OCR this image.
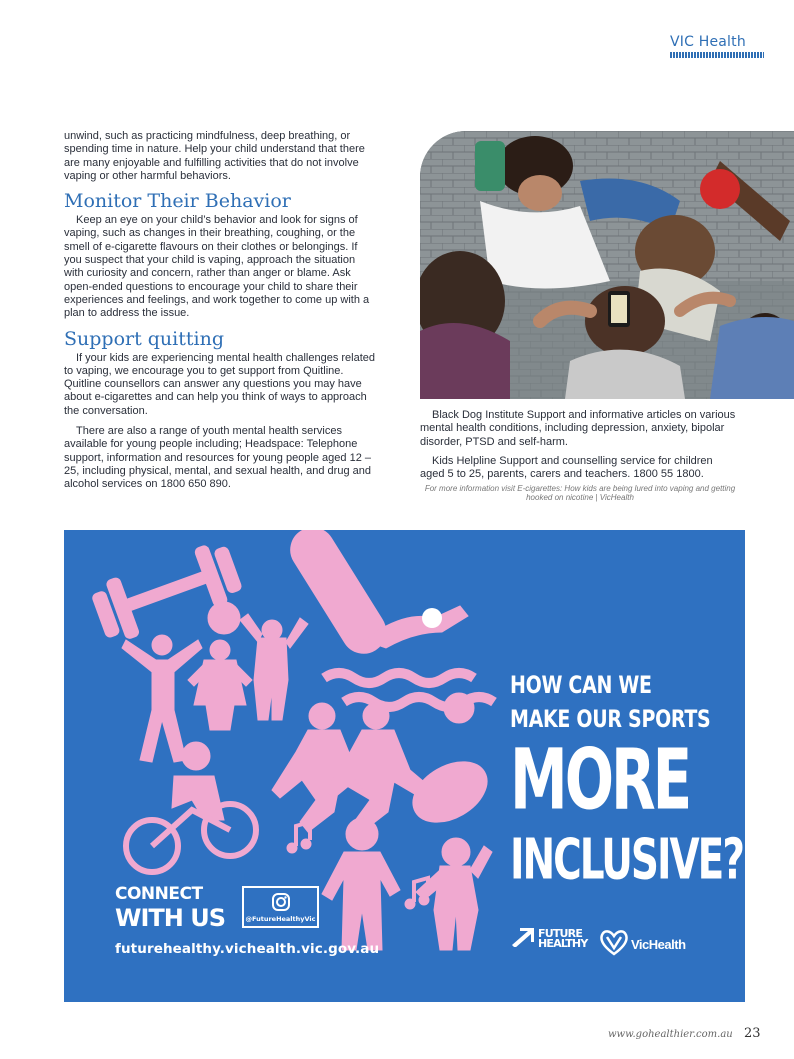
VIC Health

unwind, such as practicing mindfulness, deep breathing, or spending time in nature. Help your child understand that there are many enjoyable and fulfilling activities that do not involve vaping or other harmful behaviors.

Monitor Their Behavior

Keep an eye on your child’s behavior and look for signs of vaping, such as changes in their breathing, coughing, or the smell of e-cigarette flavours on their clothes or belongings. If you suspect that your child is vaping, approach the situation with curiosity and concern, rather than anger or blame. Ask open-ended questions to encourage your child to share their experiences and feelings, and work together to come up with a plan to address the issue.

Support quitting

If your kids are experiencing mental health challenges related to vaping, we encourage you to get support from Quitline. Quitline counsellors can answer any questions you may have about e-cigarettes and can help you think of ways to approach the conversation.

There are also a range of youth mental health services available for young people including; Headspace: Telephone support, information and resources for young people aged 12 – 25, including physical, mental, and sexual health, and drug and alcohol services on 1800 650 890.

Black Dog Institute Support and informative articles on various mental health conditions, including depression, anxiety, bipolar disorder, PTSD and self-harm.

Kids Helpline Support and counselling service for children aged 5 to 25, parents, carers and teachers. 1800 55 1800.

For more information visit E-cigarettes: How kids are being lured into vaping and getting hooked on nicotine | VicHealth

HOW CAN WE
MAKE OUR SPORTS
MORE
INCLUSIVE?
CONNECT
WITH US	@FutureHealthyVic
futurehealthy.vichealth.vic.gov.au
FUTURE
HEALTHY	VicHealth
www.gohealthier.com.au 23
